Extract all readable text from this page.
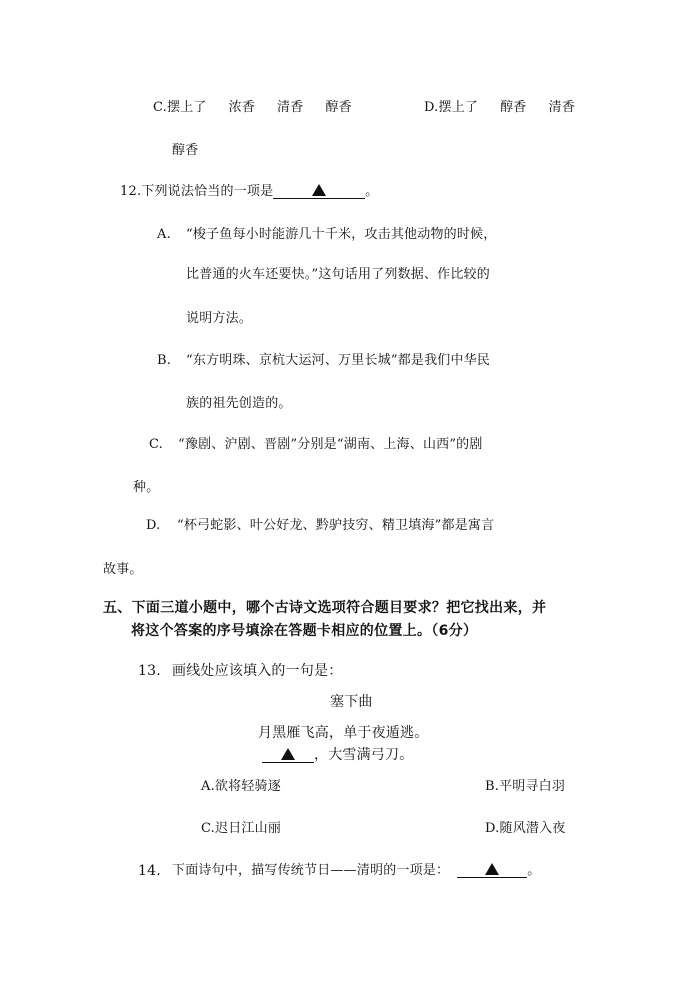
C.摆上了 浓香 清香 醇香	D.摆上了 醇香 清香
醇香
12.下列说法恰当的一项是	。
A. “梭子鱼每小时能游几十千米，攻击其他动物的时候，
比普通的火车还要快。”这句话用了列数据、作比较的
说明方法。
B. “东方明珠、京杭大运河、万里长城”都是我们中华民
族的祖先创造的。
C. “豫剧、沪剧、晋剧”分别是“湖南、上海、山西”的剧
种。
D. “杯弓蛇影、叶公好龙、黔驴技穷、精卫填海”都是寓言
故事。
五、下面三道小题中，哪个古诗文选项符合题目要求？把它找出来，并
将这个答案的序号填涂在答题卡相应的位置上。（6分）
13. 画线处应该填入的一句是：
塞下曲
月黑雁飞高，单于夜遁逃。
，大雪满弓刀。
A.欲将轻骑逐	B.平明寻白羽
C.迟日江山丽	D.随风潜入夜
14. 下面诗句中，描写传统节日——清明的一项是：	。
